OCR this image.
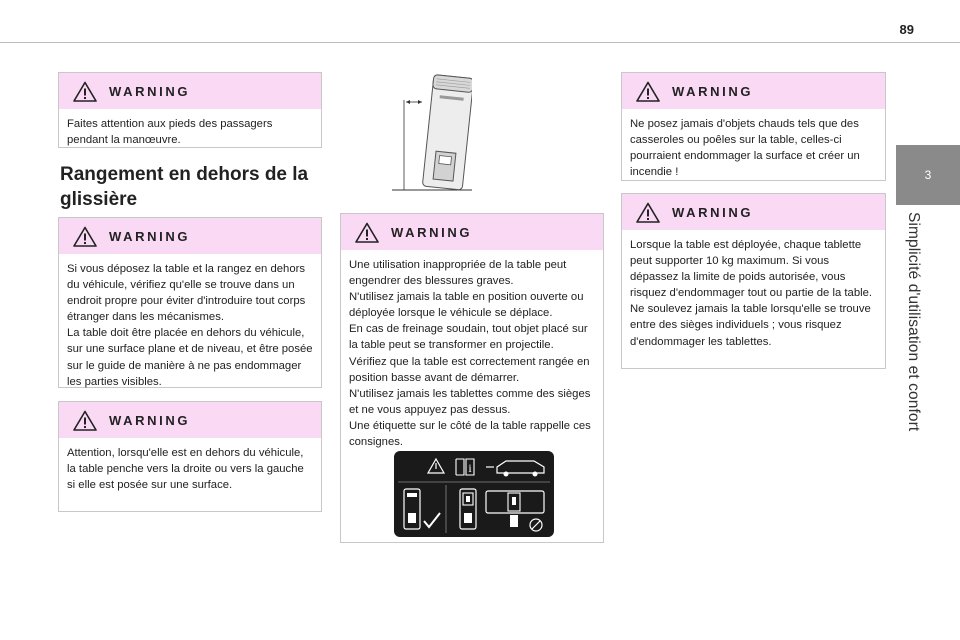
89
3
Simplicité d'utilisation et confort
WARNING

Faites attention aux pieds des passagers pendant la manœuvre.

Rangement en dehors de la glissière
WARNING

Si vous déposez la table et la rangez en dehors du véhicule, vérifiez qu'elle se trouve dans un endroit propre pour éviter d'introduire tout corps étranger dans les mécanismes.

La table doit être placée en dehors du véhicule, sur une surface plane et de niveau, et être posée sur le guide de manière à ne pas endommager les parties visibles.

WARNING

Attention, lorsqu'elle est en dehors du véhicule, la table penche vers la droite ou vers la gauche si elle est posée sur une surface.

WARNING

Une utilisation inappropriée de la table peut engendrer des blessures graves.

N'utilisez jamais la table en position ouverte ou déployée lorsque le véhicule se déplace.

En cas de freinage soudain, tout objet placé sur la table peut se transformer en projectile.

Vérifiez que la table est correctement rangée en position basse avant de démarrer.

N'utilisez jamais les tablettes comme des sièges et ne vous appuyez pas dessus.

Une étiquette sur le côté de la table rappelle ces consignes.

i
WARNING

Ne posez jamais d'objets chauds tels que des casseroles ou poêles sur la table, celles-ci pourraient endommager la surface et créer un incendie !

WARNING

Lorsque la table est déployée, chaque tablette peut supporter 10 kg maximum. Si vous dépassez la limite de poids autorisée, vous risquez d'endommager tout ou partie de la table.

Ne soulevez jamais la table lorsqu'elle se trouve entre des sièges individuels ; vous risquez d'endommager les tablettes.
